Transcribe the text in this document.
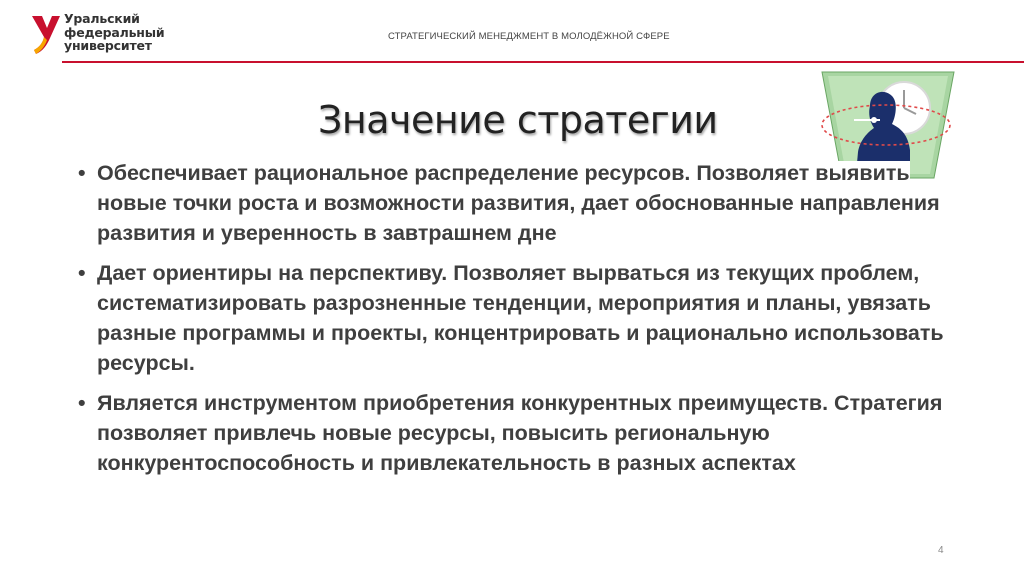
Уральский
федеральный
университет

СТРАТЕГИЧЕСКИЙ МЕНЕДЖМЕНТ В МОЛОДЁЖНОЙ СФЕРЕ
Значение стратегии
• Обеспечивает рациональное распределение ресурсов. Позволяет выявить новые точки роста и возможности развития, дает обоснованные направления развития и уверенность в завтрашнем дне
• Дает ориентиры на перспективу. Позволяет вырваться из текущих проблем, систематизировать разрозненные тенденции, мероприятия и планы, увязать разные программы и проекты, концентрировать и рационально использовать ресурсы.
• Является инструментом приобретения конкурентных преимуществ. Стратегия позволяет привлечь новые ресурсы, повысить региональную конкурентоспособность и привлекательность в разных аспектах
4
